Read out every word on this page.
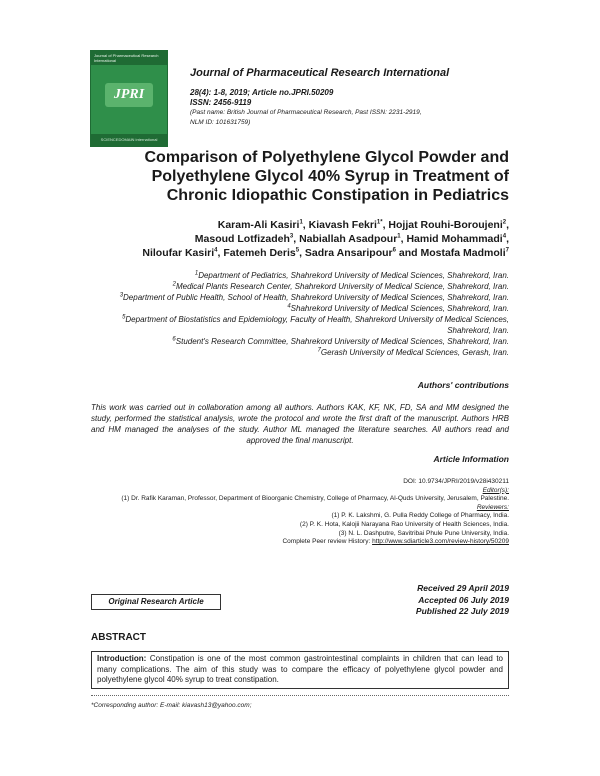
Journal of Pharmaceutical Research International
JPRI
SCIENCEDOMAIN international
Journal of Pharmaceutical Research International
28(4): 1-8, 2019; Article no.JPRI.50209
ISSN: 2456-9119
(Past name: British Journal of Pharmaceutical Research, Past ISSN: 2231-2919,
NLM ID: 101631759)
Comparison of Polyethylene Glycol Powder and
Polyethylene Glycol 40% Syrup in Treatment of
Chronic Idiopathic Constipation in Pediatrics
Karam-Ali Kasiri$^1$, Kiavash Fekri$^{1*}$, Hojjat Rouhi-Boroujeni$^2$,
Masoud Lotfizadeh$^3$, Nabiallah Asadpour$^1$, Hamid Mohammadi$^4$,
Niloufar Kasiri$^4$, Fatemeh Deris$^5$, Sadra Ansaripour$^6$ and Mostafa Madmoli$^7$
$^1$Department of Pediatrics, Shahrekord University of Medical Sciences, Shahrekord, Iran.
$^2$Medical Plants Research Center, Shahrekord University of Medical Science, Shahrekord, Iran.
$^3$Department of Public Health, School of Health, Shahrekord University of Medical Sciences, Shahrekord, Iran.
$^4$Shahrekord University of Medical Sciences, Shahrekord, Iran.
$^5$Department of Biostatistics and Epidemiology, Faculty of Health, Shahrekord University of Medical Sciences, Shahrekord, Iran.
$^6$Student's Research Committee, Shahrekord University of Medical Sciences, Shahrekord, Iran.
$^7$Gerash University of Medical Sciences, Gerash, Iran.
Authors' contributions
This work was carried out in collaboration among all authors. Authors KAK, KF, NK, FD, SA and MM designed the study, performed the statistical analysis, wrote the protocol and wrote the first draft of the manuscript. Authors HRB and HM managed the analyses of the study. Author ML managed the literature searches. All authors read and approved the final manuscript.
Article Information
DOI: 10.9734/JPRI/2019/v28i430211
Editor(s):
(1) Dr. Rafik Karaman, Professor, Department of Bioorganic Chemistry, College of Pharmacy, Al-Quds University, Jerusalem, Palestine.
Reviewers:
(1) P. K. Lakshmi, G. Pulla Reddy College of Pharmacy, India.
(2) P. K. Hota, Kalojii Narayana Rao University of Health Sciences, India.
(3) N. L. Dashputre, Savitribai Phule Pune University, India.
Complete Peer review History: http://www.sdiarticle3.com/review-history/50209
Received 29 April 2019
Accepted 06 July 2019
Published 22 July 2019
Original Research Article
ABSTRACT
Introduction: Constipation is one of the most common gastrointestinal complaints in children that can lead to many complications. The aim of this study was to compare the efficacy of polyethylene glycol powder and polyethylene glycol 40% syrup to treat constipation.
*Corresponding author: E-mail: kiavash13@yahoo.com;
